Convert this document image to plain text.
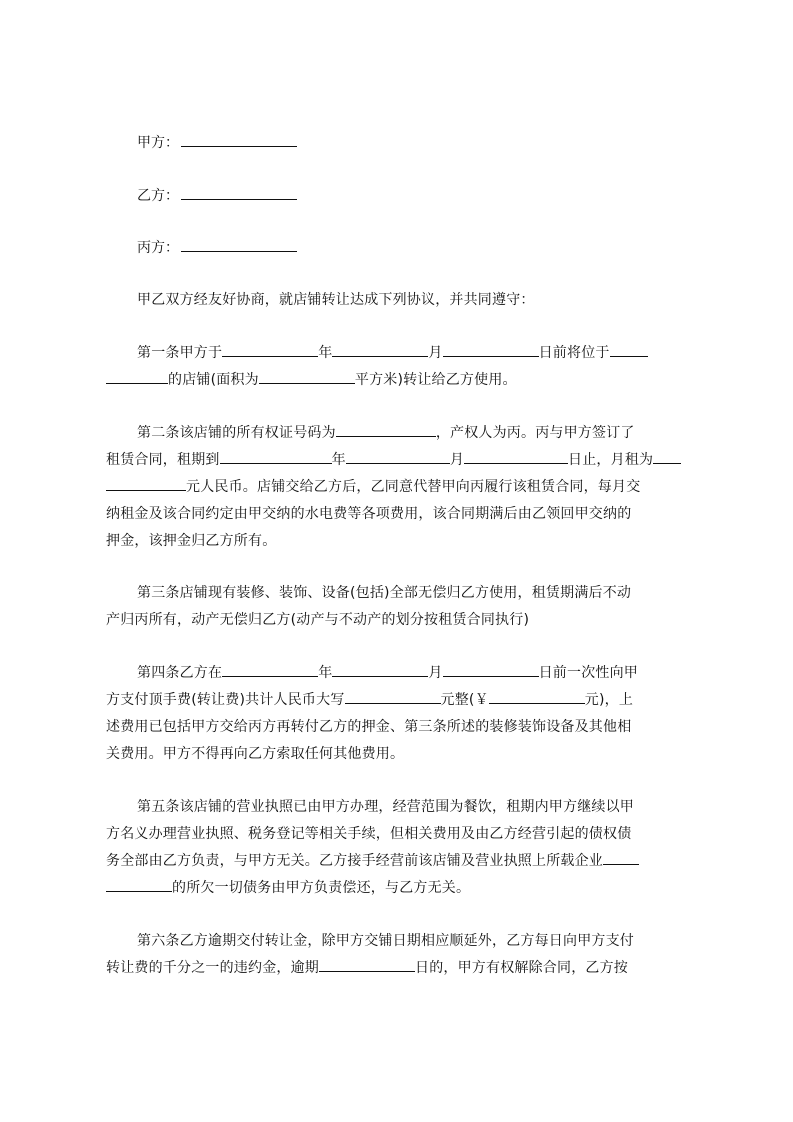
甲方：
乙方：
丙方：
甲乙双方经友好协商，就店铺转让达成下列协议，并共同遵守：
第一条甲方于	年	月	日前将位于
的店铺(面积为	平方米)转让给乙方使用。
第二条该店铺的所有权证号码为	，产权人为丙。丙与甲方签订了
租赁合同，租期到	年	月	日止，月租为
元人民币。店铺交给乙方后，乙同意代替甲向丙履行该租赁合同，每月交
纳租金及该合同约定由甲交纳的水电费等各项费用，该合同期满后由乙领回甲交纳的
押金，该押金归乙方所有。
第三条店铺现有装修、装饰、设备(包括)全部无偿归乙方使用，租赁期满后不动
产归丙所有，动产无偿归乙方(动产与不动产的划分按租赁合同执行)
第四条乙方在	年	月	日前一次性向甲
方支付顶手费(转让费)共计人民币大写	元整(￥	元)，上
述费用已包括甲方交给丙方再转付乙方的押金、第三条所述的装修装饰设备及其他相
关费用。甲方不得再向乙方索取任何其他费用。
第五条该店铺的营业执照已由甲方办理，经营范围为餐饮，租期内甲方继续以甲
方名义办理营业执照、税务登记等相关手续，但相关费用及由乙方经营引起的债权债
务全部由乙方负责，与甲方无关。乙方接手经营前该店铺及营业执照上所载企业
的所欠一切债务由甲方负责偿还，与乙方无关。
第六条乙方逾期交付转让金，除甲方交铺日期相应顺延外，乙方每日向甲方支付
转让费的千分之一的违约金，逾期	日的，甲方有权解除合同，乙方按
